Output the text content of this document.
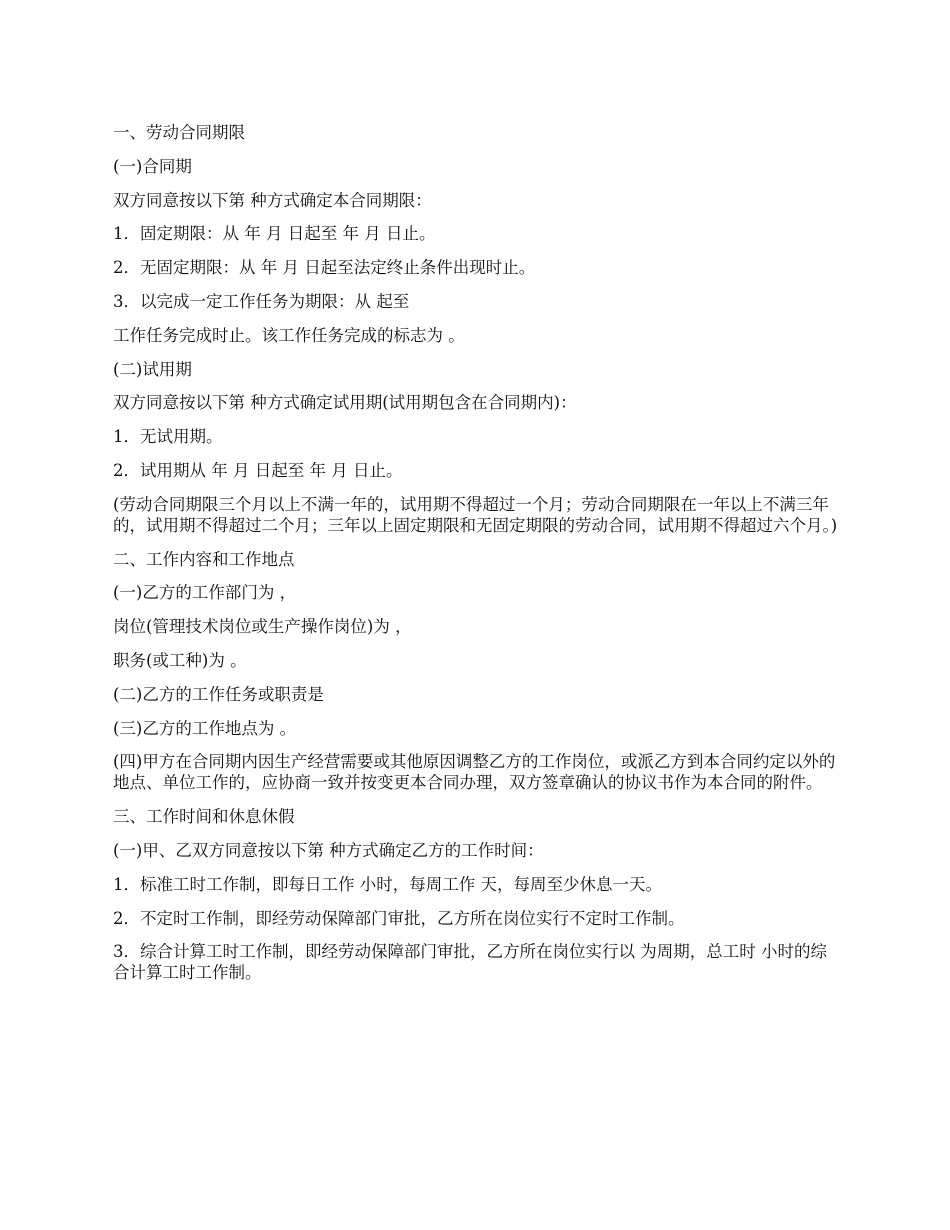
一、劳动合同期限

(一)合同期

双方同意按以下第 种方式确定本合同期限：

1．固定期限：从 年 月 日起至 年 月 日止。

2．无固定期限：从 年 月 日起至法定终止条件出现时止。

3．以完成一定工作任务为期限：从 起至

工作任务完成时止。该工作任务完成的标志为 。

(二)试用期

双方同意按以下第 种方式确定试用期(试用期包含在合同期内)：

1．无试用期。

2．试用期从 年 月 日起至 年 月 日止。

(劳动合同期限三个月以上不满一年的，试用期不得超过一个月；劳动合同期限在一年以上不满三年的，试用期不得超过二个月；三年以上固定期限和无固定期限的劳动合同，试用期不得超过六个月。)

二、工作内容和工作地点

(一)乙方的工作部门为 ，

岗位(管理技术岗位或生产操作岗位)为 ，

职务(或工种)为 。

(二)乙方的工作任务或职责是

(三)乙方的工作地点为 。

(四)甲方在合同期内因生产经营需要或其他原因调整乙方的工作岗位，或派乙方到本合同约定以外的地点、单位工作的，应协商一致并按变更本合同办理，双方签章确认的协议书作为本合同的附件。

三、工作时间和休息休假

(一)甲、乙双方同意按以下第 种方式确定乙方的工作时间：

1．标准工时工作制，即每日工作 小时，每周工作 天，每周至少休息一天。

2．不定时工作制，即经劳动保障部门审批，乙方所在岗位实行不定时工作制。

3．综合计算工时工作制，即经劳动保障部门审批，乙方所在岗位实行以 为周期，总工时 小时的综合计算工时工作制。
